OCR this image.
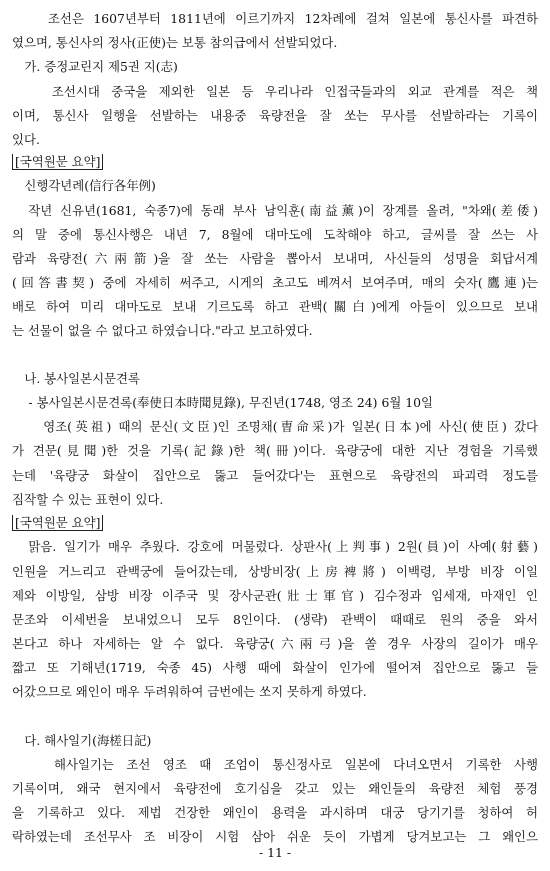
　　조선은 1607년부터 1811년에 이르기까지 12차례에 걸쳐 일본에 통신사를 파견하
였으며, 통신사의 정사(正使)는 보통 참의급에서 선발되었다.
　가. 증정교린지 제5권 지(志)
　　조선시대 중국을 제외한 일본 등 우리나라 인접국들과의 외교 관계를 적은 책
이며, 통신사 일행을 선발하는 내용중 육량전을 잘 쏘는 무사를 선발하라는 기록이
있다.
[국역원문 요약]
　신행각년례(信行各年例)
　작년 신유년(1681, 숙종7)에 동래 부사 남익훈(南益薰)이 장계를 올려, "차왜(差倭)
의 말 중에 통신사행은 내년 7, 8월에 대마도에 도착해야 하고, 글씨를 잘 쓰는 사
람과 육량전(六兩箭)을 잘 쏘는 사람을 뽑아서 보내며, 사신들의 성명을 회답서계
(回答書契) 중에 자세히 써주고, 시게의 초고도 베껴서 보여주며, 매의 숫자(鷹連)는
배로 하여 미리 대마도로 보내 기르도록 하고 관백(關白)에게 아들이 있으므로 보내
는 선물이 없을 수 없다고 하였습니다."라고 보고하였다.
　나. 봉사일본시문견록
　 - 봉사일본시문견록(奉使日本時聞見錄), 무진년(1748, 영조 24) 6월 10일
　　영조(英祖) 때의 문신(文臣)인 조명채(曺命采)가 일본(日本)에 사신(使臣) 갔다
가 견문(見聞)한 것을 기록(記錄)한 책(冊)이다. 육량궁에 대한 지난 경험을 기록했
는데 '육량궁 화살이 집안으로 뚫고 들어갔다'는 표현으로 육량전의 파괴력 정도를
짐작할 수 있는 표현이 있다.
[국역원문 요약]
　맑음. 일기가 매우 추웠다. 강호에 머물렀다. 상판사(上判事) 2원(員)이 사예(射藝)
인원을 거느리고 관백궁에 들어갔는데, 상방비장(上房裨將) 이백령, 부방 비장 이일
제와 이방일, 삼방 비장 이주국 및 장사군관(壯士軍官) 김수정과 임세재, 마재인 인
문조와 이세번을 보내었으니 모두 8인이다. (생략) 관백이 때때로 원의 중을 와서
본다고 하나 자세하는 알 수 없다. 육량궁(六兩弓)을 쏠 경우 사장의 길이가 매우
짧고 또 기해년(1719, 숙종 45) 사행 때에 화살이 인가에 떨어져 집안으로 뚫고 들
어갔으므로 왜인이 매우 두려워하여 금번에는 쏘지 못하게 하였다.
　다. 해사일기(海槎日記)
　　해사일기는 조선 영조 때 조엄이 통신정사로 일본에 다녀오면서 기록한 사행
기록이며, 왜국 현지에서 육량전에 호기심을 갖고 있는 왜인들의 육량전 체험 풍경
을 기록하고 있다. 제법 건장한 왜인이 용력을 과시하며 대궁 당기기를 청하여 허
락하였는데 조선무사 조 비장이 시험 삼아 쉬운 듯이 가볍게 당겨보고는 그 왜인으
- 11 -
